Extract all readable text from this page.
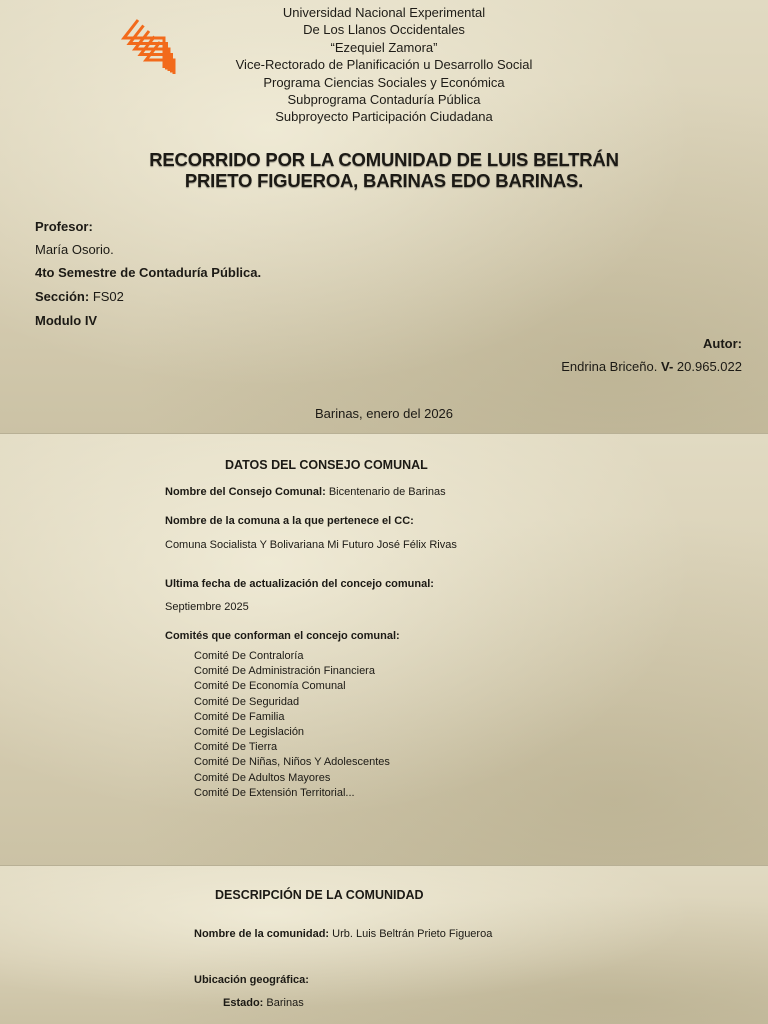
Universidad Nacional Experimental
De Los Llanos Occidentales
“Ezequiel Zamora”
Vice-Rectorado de Planificación u Desarrollo Social
Programa Ciencias Sociales y Económica
Subprograma Contaduría Pública
Subproyecto Participación Ciudadana
RECORRIDO POR LA COMUNIDAD DE LUIS BELTRÁN
PRIETO FIGUEROA, BARINAS EDO BARINAS.
Profesor:
María Osorio.
4to Semestre de Contaduría Pública.
Sección: FS02
Modulo IV
Autor:
Endrina Briceño. V- 20.965.022
Barinas, enero del 2026
DATOS DEL CONSEJO COMUNAL
Nombre del Consejo Comunal: Bicentenario de Barinas
Nombre de la comuna a la que pertenece el CC:
Comuna Socialista Y Bolivariana Mi Futuro José Félix Rivas
Ultima fecha de actualización del concejo comunal:
Septiembre 2025
Comités que conforman el concejo comunal:
Comité De Contraloría
Comité De Administración Financiera
Comité De Economía Comunal
Comité De Seguridad
Comité De Familia
Comité De Legislación
Comité De Tierra
Comité De Niñas, Niños Y Adolescentes
Comité De Adultos Mayores
Comité De Extensión Territorial...
DESCRIPCIÓN DE LA COMUNIDAD
Nombre de la comunidad: Urb. Luis Beltrán Prieto Figueroa
Ubicación geográfica:
Estado: Barinas
